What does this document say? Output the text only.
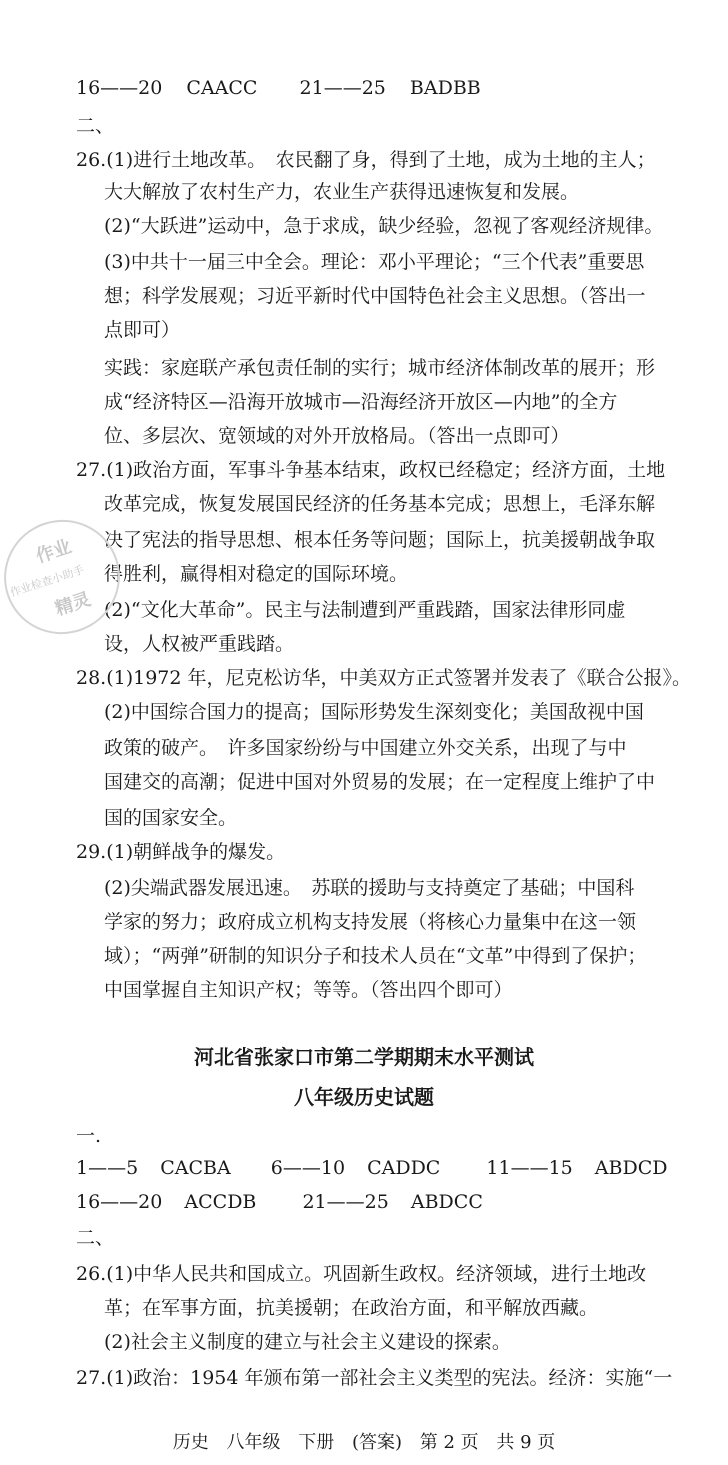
16——20 CAACC 21——25 BADBB
二、
26.(1)进行土地改革。　农民翻了身，得到了土地，成为土地的主人；
大大解放了农村生产力，农业生产获得迅速恢复和发展。
(2)“大跃进”运动中，急于求成，缺少经验，忽视了客观经济规律。
(3)中共十一届三中全会。理论：邓小平理论；“三个代表”重要思
想；科学发展观；习近平新时代中国特色社会主义思想。（答出一
点即可）
实践：家庭联产承包责任制的实行；城市经济体制改革的展开；形
成“经济特区—沿海开放城市—沿海经济开放区—内地”的全方
位、多层次、宽领域的对外开放格局。（答出一点即可）
27.(1)政治方面，军事斗争基本结束，政权已经稳定；经济方面，土地
改革完成，恢复发展国民经济的任务基本完成；思想上，毛泽东解
决了宪法的指导思想、根本任务等问题；国际上，抗美援朝战争取
得胜利，赢得相对稳定的国际环境。
(2)“文化大革命”。民主与法制遭到严重践踏，国家法律形同虚
设，人权被严重践踏。
28.(1)1972 年，尼克松访华，中美双方正式签署并发表了《联合公报》。
(2)中国综合国力的提高；国际形势发生深刻变化；美国敌视中国
政策的破产。　许多国家纷纷与中国建立外交关系，出现了与中
国建交的高潮；促进中国对外贸易的发展；在一定程度上维护了中
国的国家安全。
29.(1)朝鲜战争的爆发。
(2)尖端武器发展迅速。　苏联的援助与支持奠定了基础；中国科
学家的努力；政府成立机构支持发展（将核心力量集中在这一领
域）；“两弹”研制的知识分子和技术人员在“文革”中得到了保护；
中国掌握自主知识产权；等等。（答出四个即可）
河北省张家口市第二学期期末水平测试
八年级历史试题
一.
1——5 CACBA 6——10 CADDC 11——15 ABDCD
16——20 ACCDB 21——25 ABDCC
二、
26.(1)中华人民共和国成立。巩固新生政权。经济领域，进行土地改
革；在军事方面，抗美援朝；在政治方面，和平解放西藏。
(2)社会主义制度的建立与社会主义建设的探索。
27.(1)政治：1954 年颁布第一部社会主义类型的宪法。经济：实施“一
历史 八年级 下册 (答案) 第 2 页 共 9 页
作业
作业检查小助手
精灵
